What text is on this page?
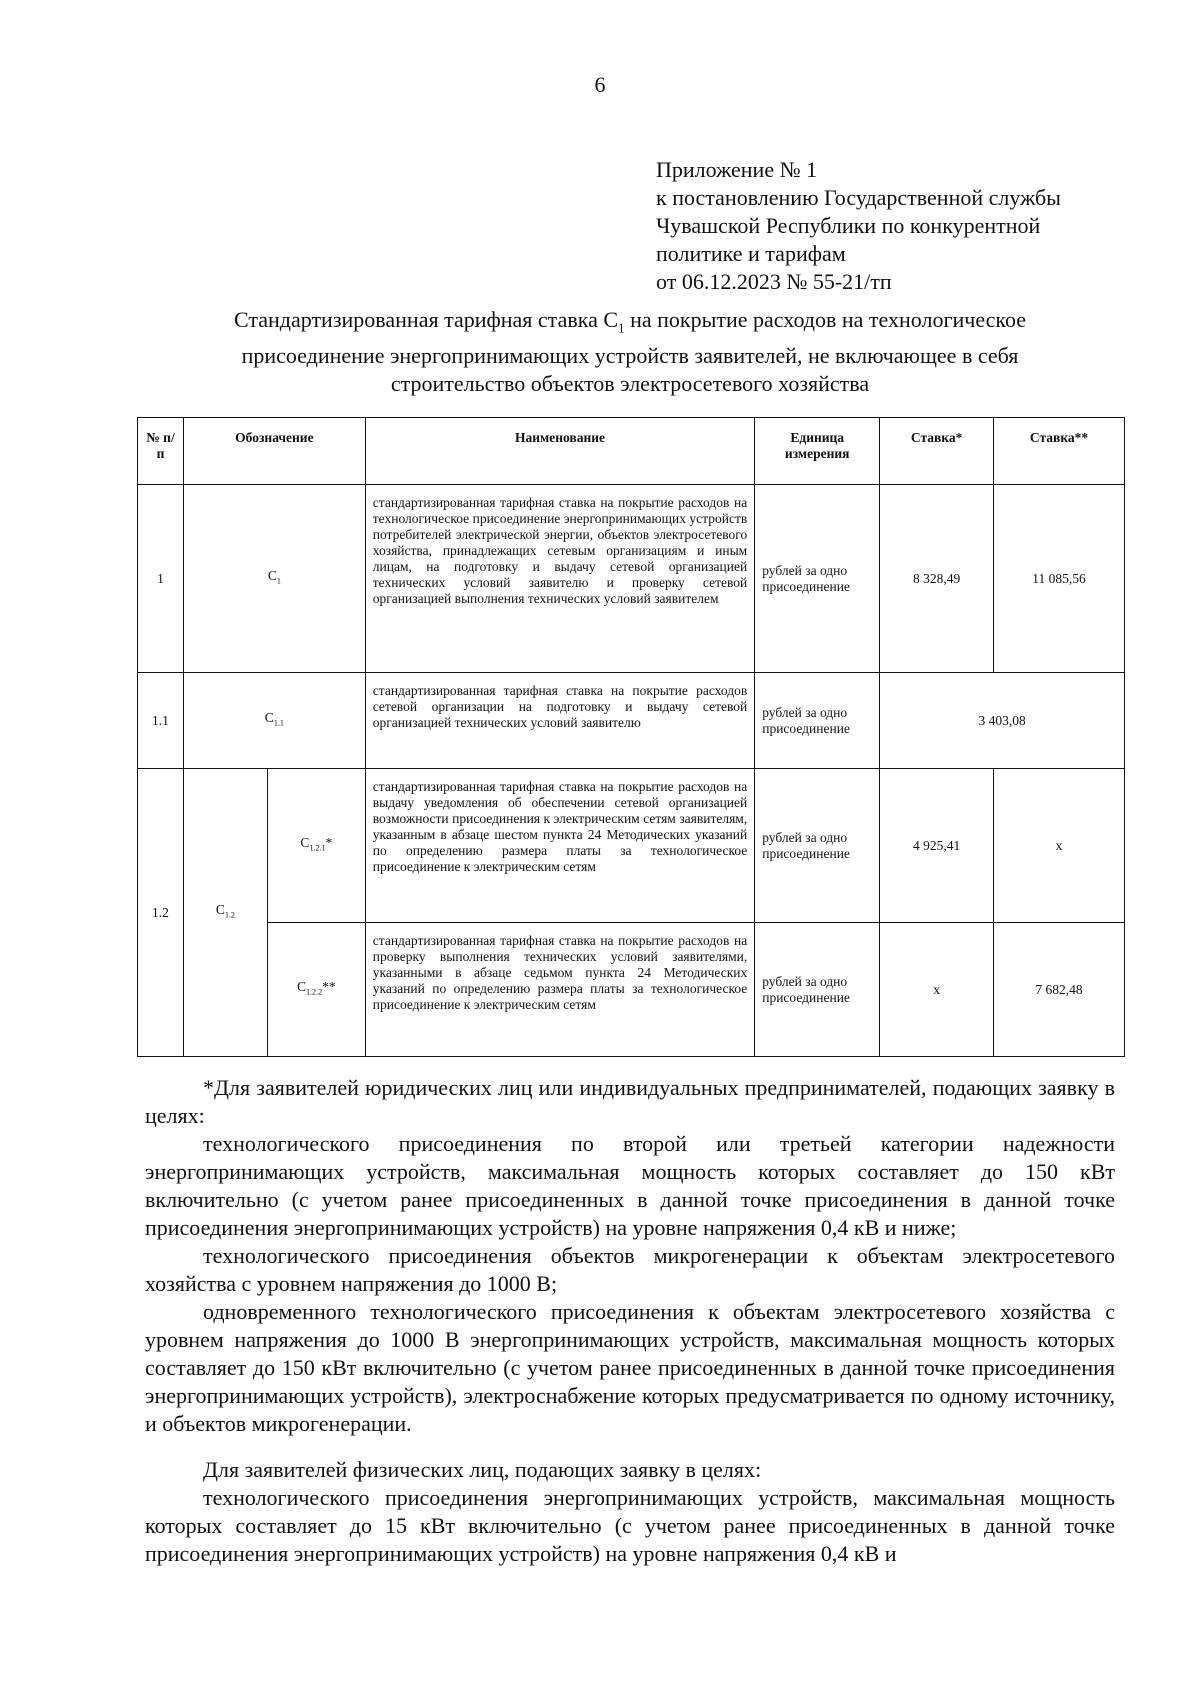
6
Приложение № 1
к постановлению Государственной службы
Чувашской Республики по конкурентной
политике и тарифам
от 06.12.2023 № 55-21/тп
Стандартизированная тарифная ставка $С_1$ на покрытие расходов на технологическое
присоединение энергопринимающих устройств заявителей, не включающее в себя
строительство объектов электросетевого хозяйства
№ п/п	Обозначение		Наименование	Единица измерения	Ставка*	Ставка**
1	$С_1$		стандартизированная тарифная ставка на покрытие расходов на технологическое присоединение энергопринимающих устройств потребителей электрической энергии, объектов электросетевого хозяйства, принадлежащих сетевым организациям и иным лицам, на подготовку и выдачу сетевой организацией технических условий заявителю и проверку сетевой организацией выполнения технических условий заявителем	рублей за одно присоединение	8 328,49	11 085,56
1.1	$С_{1.1}$		стандартизированная тарифная ставка на покрытие расходов сетевой организации на подготовку и выдачу сетевой организацией технических условий заявителю	рублей за одно присоединение	3 403,08	
1.2	$С_{1.2}$	$С_{1.2.1}*$	стандартизированная тарифная ставка на покрытие расходов на выдачу уведомления об обеспечении сетевой организацией возможности присоединения к электрическим сетям заявителям, указанным в абзаце шестом пункта 24 Методических указаний по определению размера платы за технологическое присоединение к электрическим сетям	рублей за одно присоединение	4 925,41	x
		$С_{1.2.2}**$	стандартизированная тарифная ставка на покрытие расходов на проверку выполнения технических условий заявителями, указанными в абзаце седьмом пункта 24 Методических указаний по определению размера платы за технологическое присоединение к электрическим сетям	рублей за одно присоединение	x	7 682,48

*Для заявителей юридических лиц или индивидуальных предпринимателей, подающих заявку в целях:

технологического присоединения по второй или третьей категории надежности энергопринимающих устройств, максимальная мощность которых составляет до 150 кВт включительно (с учетом ранее присоединенных в данной точке присоединения в данной точке присоединения энергопринимающих устройств) на уровне напряжения 0,4 кВ и ниже;

технологического присоединения объектов микрогенерации к объектам электросетевого хозяйства с уровнем напряжения до 1000 В;

одновременного технологического присоединения к объектам электросетевого хозяйства с уровнем напряжения до 1000 В энергопринимающих устройств, максимальная мощность которых составляет до 150 кВт включительно (с учетом ранее присоединенных в данной точке присоединения энергопринимающих устройств), электроснабжение которых предусматривается по одному источнику, и объектов микрогенерации.

Для заявителей физических лиц, подающих заявку в целях:

технологического присоединения энергопринимающих устройств, максимальная мощность которых составляет до 15 кВт включительно (с учетом ранее присоединенных в данной точке присоединения энергопринимающих устройств) на уровне напряжения 0,4 кВ и
